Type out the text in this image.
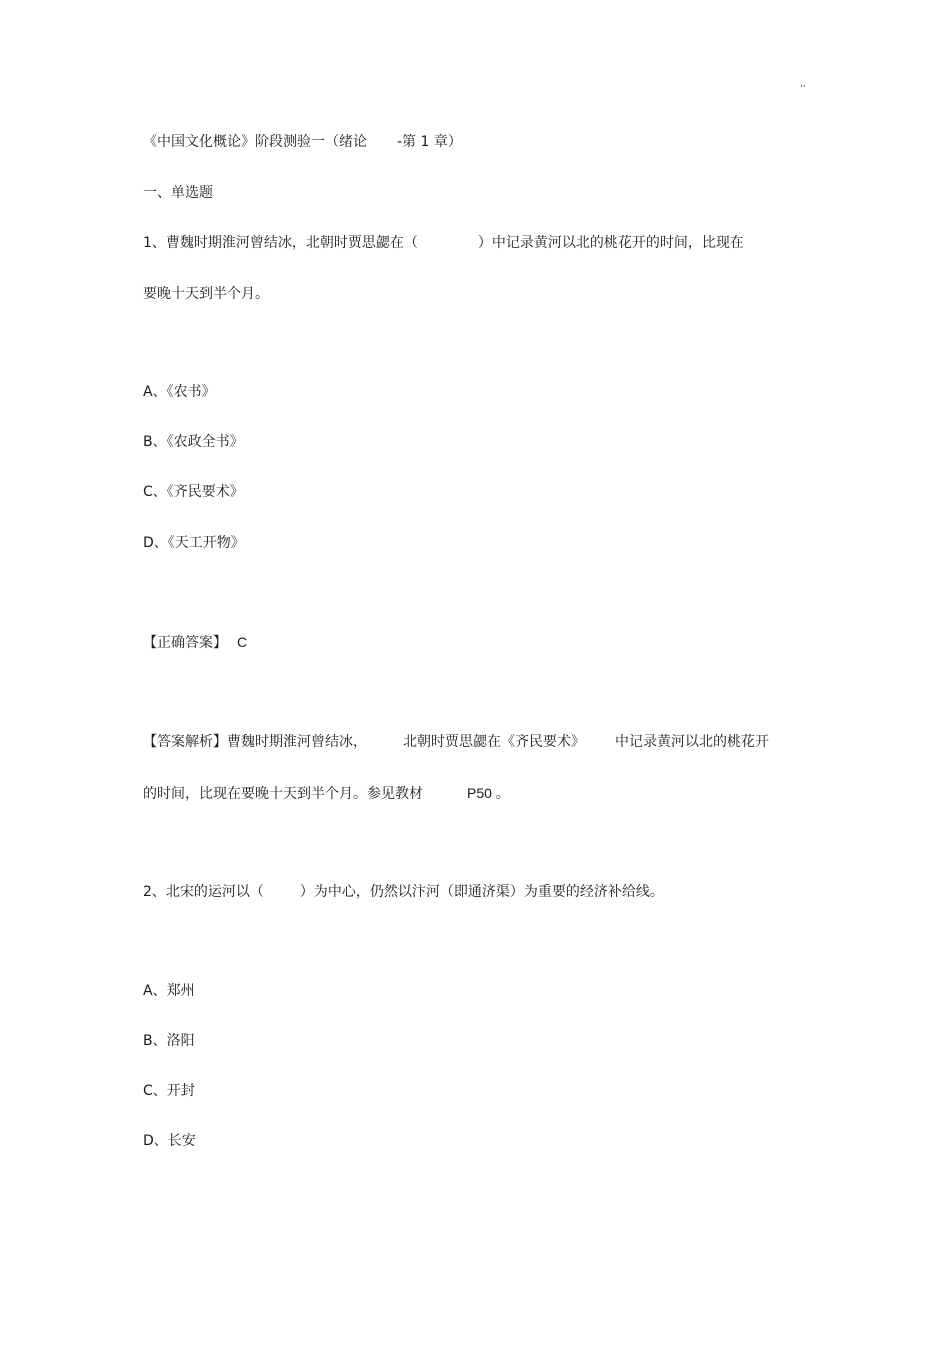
,,
《中国文化概论》阶段测验一（绪论 -第 1 章）
一、单选题
1、曹魏时期淮河曾结冰，北朝时贾思勰在（	）中记录黄河以北的桃花开的时间，比现在
要晚十天到半个月。
A、《农书》
B、《农政全书》
C、《齐民要术》
D、《天工开物》
【正确答案】 C
【答案解析】曹魏时期淮河曾结冰，	北朝时贾思勰在《齐民要术》 中记录黄河以北的桃花开
的时间，比现在要晚十天到半个月。参见教材	P50 。
2、北宋的运河以（	）为中心，仍然以汴河（即通济渠）为重要的经济补给线。
A、郑州
B、洛阳
C、开封
D、长安
